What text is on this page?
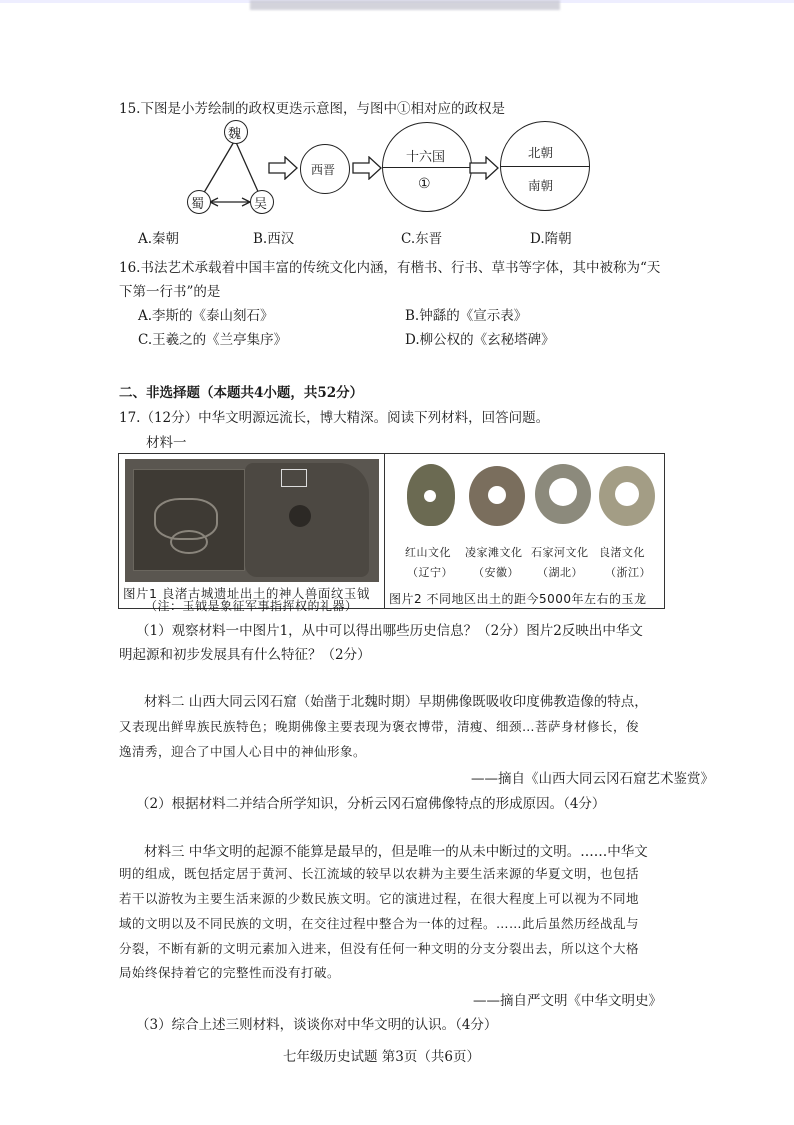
15.下图是小芳绘制的政权更迭示意图，与图中①相对应的政权是
魏
蜀	吴
西晋
十六国
①
北朝
南朝
A.秦朝	B.西汉	C.东晋	D.隋朝
16.书法艺术承载着中国丰富的传统文化内涵，有楷书、行书、草书等字体，其中被称为“天
下第一行书”的是
A.李斯的《泰山刻石》	B.钟繇的《宣示表》
C.王羲之的《兰亭集序》	D.柳公权的《玄秘塔碑》
二、非选择题（本题共4小题，共52分）
17.（12分）中华文明源远流长，博大精深。阅读下列材料，回答问题。
材料一
图片1 良渚古城遗址出土的神人兽面纹玉钺
（注：玉钺是象征军事指挥权的礼器）
红山文化
（辽宁）
凌家滩文化
（安徽）
石家河文化
（湖北）
良渚文化
（浙江）
图片2 不同地区出土的距今5000年左右的玉龙
（1）观察材料一中图片1，从中可以得出哪些历史信息？（2分）图片2反映出中华文
明起源和初步发展具有什么特征？（2分）
材料二 山西大同云冈石窟（始凿于北魏时期）早期佛像既吸收印度佛教造像的特点，
又表现出鲜卑族民族特色；晚期佛像主要表现为褒衣博带，清瘦、细颈…菩萨身材修长，俊
逸清秀，迎合了中国人心目中的神仙形象。
——摘自《山西大同云冈石窟艺术鉴赏》
（2）根据材料二并结合所学知识，分析云冈石窟佛像特点的形成原因。（4分）
材料三 中华文明的起源不能算是最早的，但是唯一的从未中断过的文明。……中华文
明的组成，既包括定居于黄河、长江流域的较早以农耕为主要生活来源的华夏文明，也包括
若干以游牧为主要生活来源的少数民族文明。它的演进过程，在很大程度上可以视为不同地
域的文明以及不同民族的文明，在交往过程中整合为一体的过程。……此后虽然历经战乱与
分裂，不断有新的文明元素加入进来，但没有任何一种文明的分支分裂出去，所以这个大格
局始终保持着它的完整性而没有打破。
——摘自严文明《中华文明史》
（3）综合上述三则材料，谈谈你对中华文明的认识。（4分）
七年级历史试题 第3页（共6页）
